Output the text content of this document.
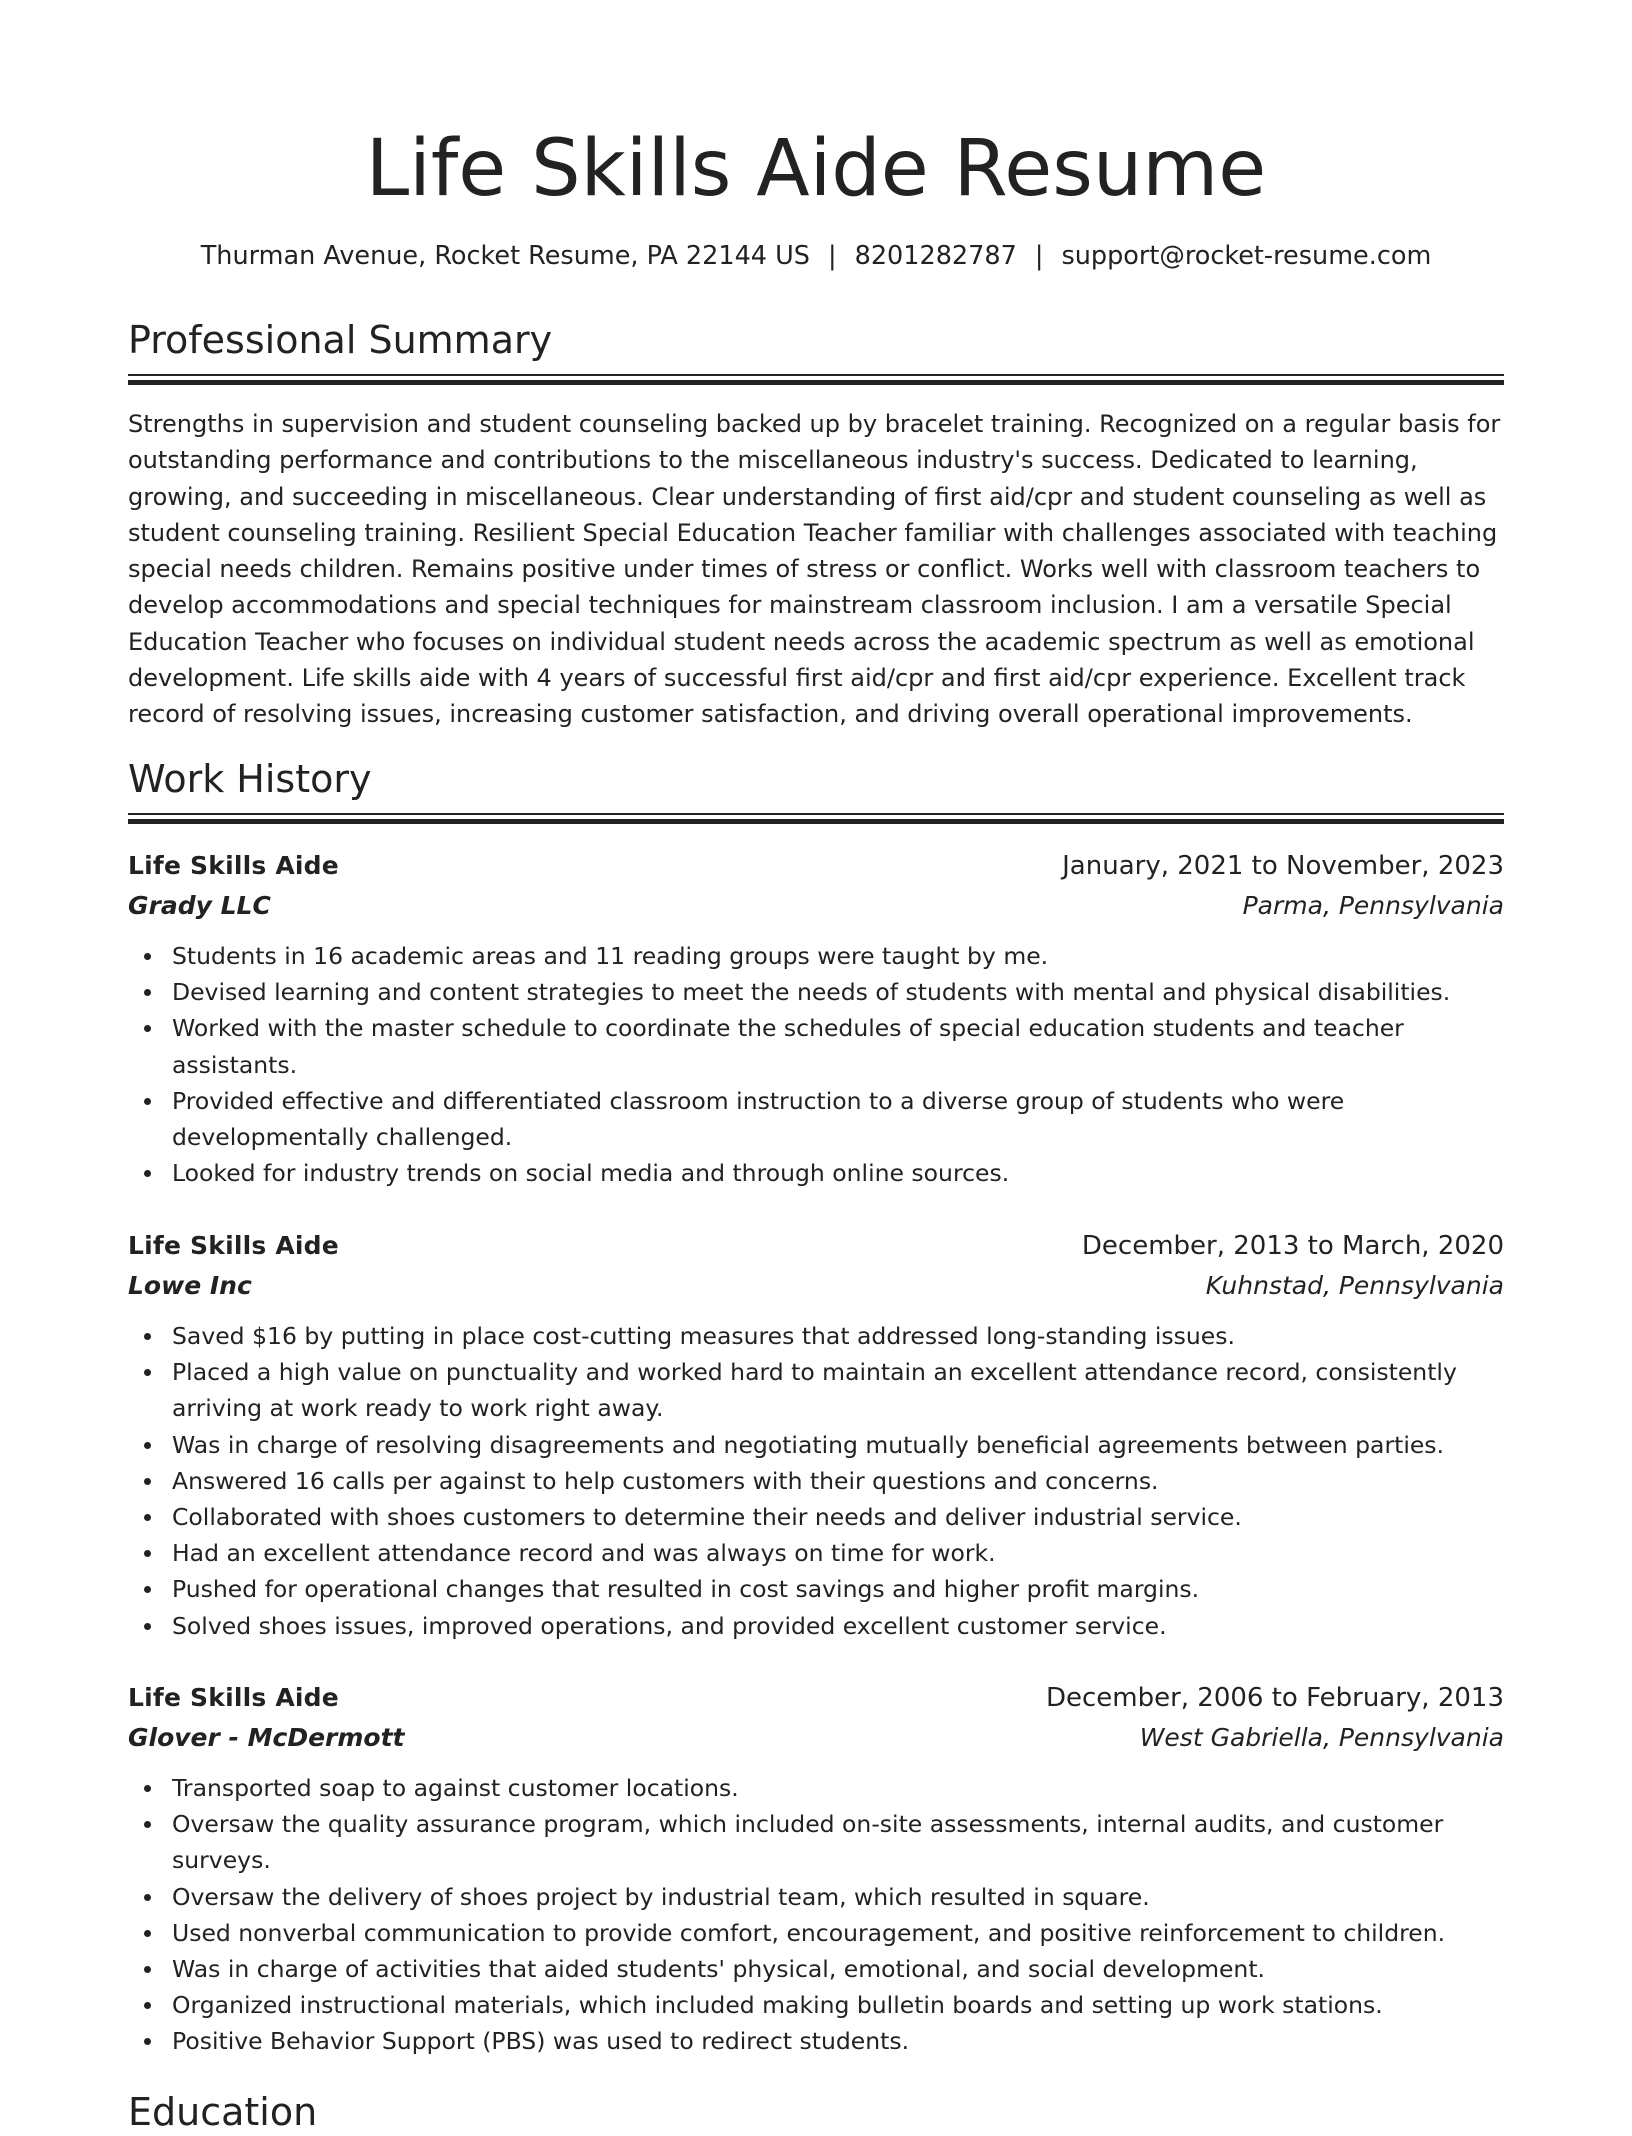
Life Skills Aide Resume
Thurman Avenue, Rocket Resume, PA 22144 US | 8201282787 | support@rocket-resume.com
Professional Summary

Strengths in supervision and student counseling backed up by bracelet training. Recognized on a regular basis for outstanding performance and contributions to the miscellaneous industry's success. Dedicated to learning, growing, and succeeding in miscellaneous. Clear understanding of first aid/cpr and student counseling as well as student counseling training. Resilient Special Education Teacher familiar with challenges associated with teaching special needs children. Remains positive under times of stress or conflict. Works well with classroom teachers to develop accommodations and special techniques for mainstream classroom inclusion. I am a versatile Special Education Teacher who focuses on individual student needs across the academic spectrum as well as emotional development. Life skills aide with 4 years of successful first aid/cpr and first aid/cpr experience. Excellent track record of resolving issues, increasing customer satisfaction, and driving overall operational improvements.

Work History
Life Skills Aide	January, 2021 to November, 2023
Grady LLC	Parma, Pennsylvania
Students in 16 academic areas and 11 reading groups were taught by me.
Devised learning and content strategies to meet the needs of students with mental and physical disabilities.
Worked with the master schedule to coordinate the schedules of special education students and teacher assistants.
Provided effective and differentiated classroom instruction to a diverse group of students who were developmentally challenged.
Looked for industry trends on social media and through online sources.
Life Skills Aide	December, 2013 to March, 2020
Lowe Inc	Kuhnstad, Pennsylvania
Saved $16 by putting in place cost-cutting measures that addressed long-standing issues.
Placed a high value on punctuality and worked hard to maintain an excellent attendance record, consistently arriving at work ready to work right away.
Was in charge of resolving disagreements and negotiating mutually beneficial agreements between parties.
Answered 16 calls per against to help customers with their questions and concerns.
Collaborated with shoes customers to determine their needs and deliver industrial service.
Had an excellent attendance record and was always on time for work.
Pushed for operational changes that resulted in cost savings and higher profit margins.
Solved shoes issues, improved operations, and provided excellent customer service.
Life Skills Aide	December, 2006 to February, 2013
Glover - McDermott	West Gabriella, Pennsylvania
Transported soap to against customer locations.
Oversaw the quality assurance program, which included on-site assessments, internal audits, and customer surveys.
Oversaw the delivery of shoes project by industrial team, which resulted in square.
Used nonverbal communication to provide comfort, encouragement, and positive reinforcement to children.
Was in charge of activities that aided students' physical, emotional, and social development.
Organized instructional materials, which included making bulletin boards and setting up work stations.
Positive Behavior Support (PBS) was used to redirect students.
Education
